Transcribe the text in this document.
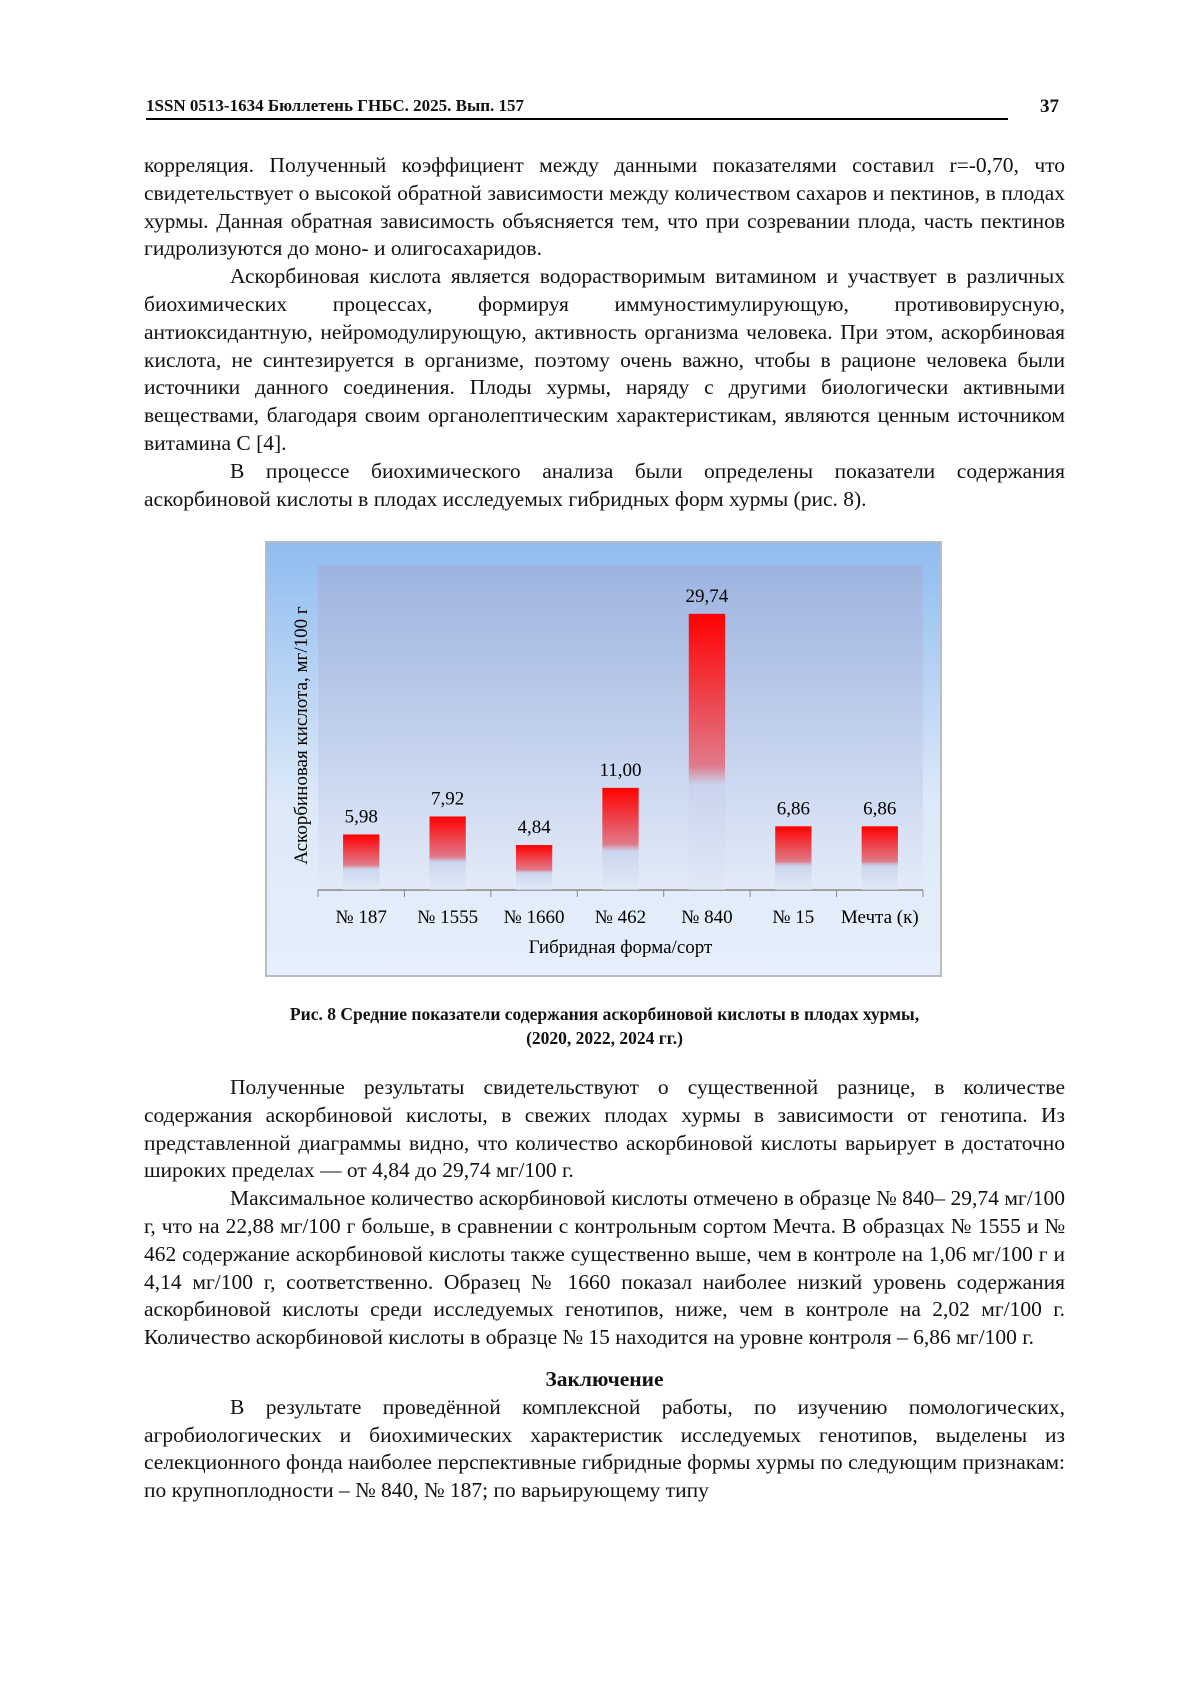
1SSN 0513-1634 Бюллетень ГНБС. 2025. Вып. 157	37

корреляция. Полученный коэффициент между данными показателями составил r=-0,70, что свидетельствует о высокой обратной зависимости между количеством сахаров и пектинов, в плодах хурмы. Данная обратная зависимость объясняется тем, что при созревании плода, часть пектинов гидролизуются до моно- и олигосахаридов.

Аскорбиновая кислота является водорастворимым витамином и участвует в различных биохимических процессах, формируя иммуностимулирующую, противовирусную, антиоксидантную, нейромодулирующую, активность организма человека. При этом, аскорбиновая кислота, не синтезируется в организме, поэтому очень важно, чтобы в рационе человека были источники данного соединения. Плоды хурмы, наряду с другими биологически активными веществами, благодаря своим органолептическим характеристикам, являются ценным источником витамина С [4].

В процессе биохимического анализа были определены показатели содержания аскорбиновой кислоты в плодах исследуемых гибридных форм хурмы (рис. 8).

5,98
№ 187
7,92
№ 1555
4,84
№ 1660
11,00
№ 462
29,74
№ 840
6,86
№ 15
6,86
Мечта (к)
Гибридная форма/сорт
Аскорбиновая кислота, мг/100 г
Рис. 8 Средние показатели содержания аскорбиновой кислоты в плодах хурмы,
(2020, 2022, 2024 гг.)

Полученные результаты свидетельствуют о существенной разнице, в количестве содержания аскорбиновой кислоты, в свежих плодах хурмы в зависимости от генотипа. Из представленной диаграммы видно, что количество аскорбиновой кислоты варьирует в достаточно широких пределах — от 4,84 до 29,74 мг/100 г.

Максимальное количество аскорбиновой кислоты отмечено в образце № 840– 29,74 мг/100 г, что на 22,88 мг/100 г больше, в сравнении с контрольным сортом Мечта. В образцах № 1555 и № 462 содержание аскорбиновой кислоты также существенно выше, чем в контроле на 1,06 мг/100 г и 4,14 мг/100 г, соответственно. Образец № 1660 показал наиболее низкий уровень содержания аскорбиновой кислоты среди исследуемых генотипов, ниже, чем в контроле на 2,02 мг/100 г. Количество аскорбиновой кислоты в образце № 15 находится на уровне контроля – 6,86 мг/100 г.

Заключение

В результате проведённой комплексной работы, по изучению помологических, агробиологических и биохимических характеристик исследуемых генотипов, выделены из селекционного фонда наиболее перспективные гибридные формы хурмы по следующим признакам: по крупноплодности – № 840, № 187; по варьирующему типу
